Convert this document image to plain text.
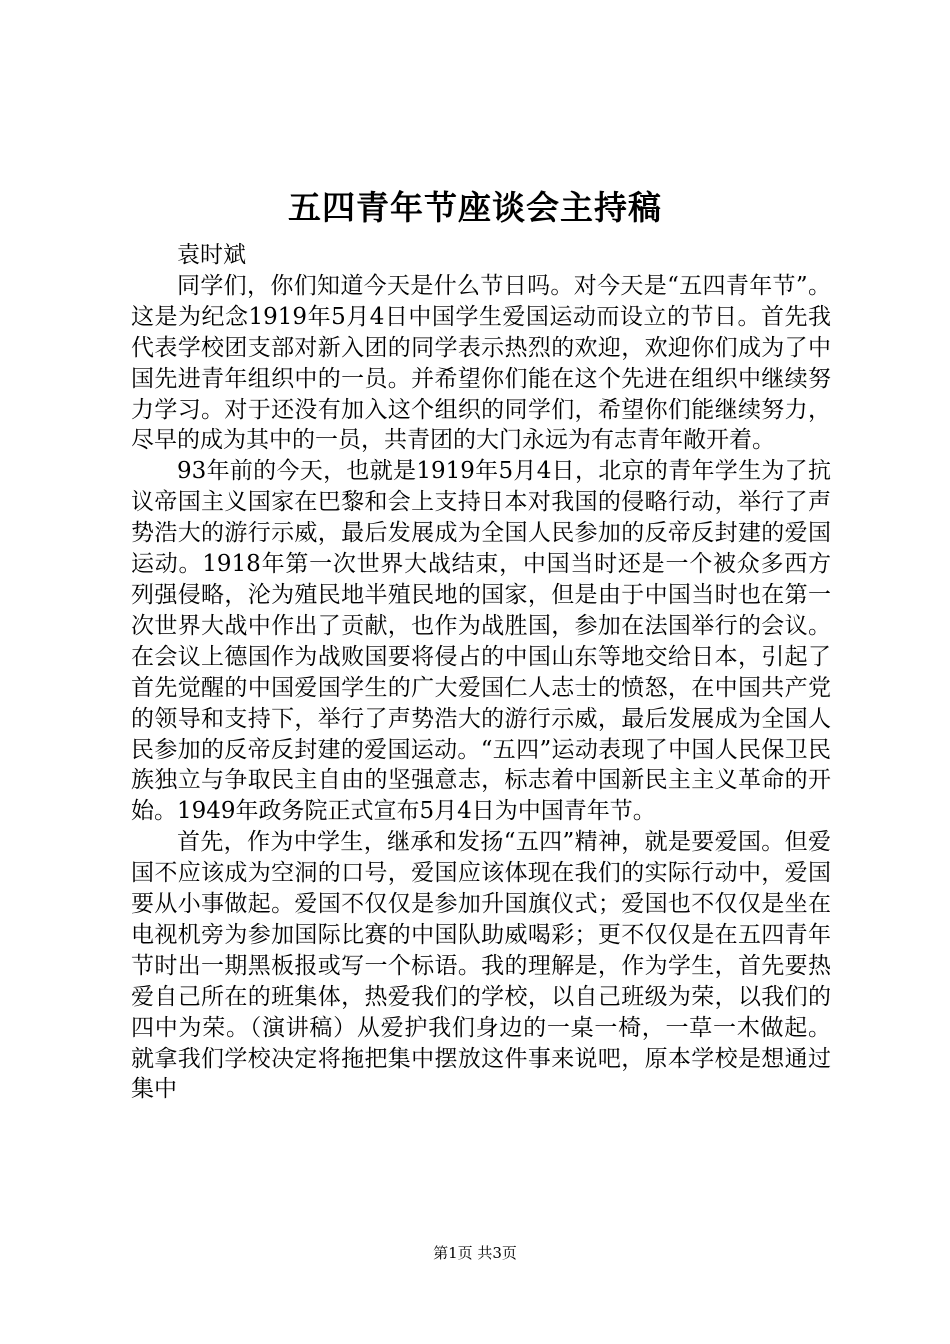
五四青年节座谈会主持稿

袁时斌

同学们，你们知道今天是什么节日吗。对今天是“五四青年节”。这是为纪念1919年5月4日中国学生爱国运动而设立的节日。首先我代表学校团支部对新入团的同学表示热烈的欢迎，欢迎你们成为了中国先进青年组织中的一员。并希望你们能在这个先进在组织中继续努力学习。对于还没有加入这个组织的同学们，希望你们能继续努力，尽早的成为其中的一员，共青团的大门永远为有志青年敞开着。

93年前的今天，也就是1919年5月4日，北京的青年学生为了抗议帝国主义国家在巴黎和会上支持日本对我国的侵略行动，举行了声势浩大的游行示威，最后发展成为全国人民参加的反帝反封建的爱国运动。1918年第一次世界大战结束，中国当时还是一个被众多西方列强侵略，沦为殖民地半殖民地的国家，但是由于中国当时也在第一次世界大战中作出了贡献，也作为战胜国，参加在法国举行的会议。在会议上德国作为战败国要将侵占的中国山东等地交给日本，引起了首先觉醒的中国爱国学生的广大爱国仁人志士的愤怒，在中国共产党的领导和支持下，举行了声势浩大的游行示威，最后发展成为全国人民参加的反帝反封建的爱国运动。“五四”运动表现了中国人民保卫民族独立与争取民主自由的坚强意志，标志着中国新民主主义革命的开始。1949年政务院正式宣布5月4日为中国青年节。

首先，作为中学生，继承和发扬“五四”精神，就是要爱国。但爱国不应该成为空洞的口号，爱国应该体现在我们的实际行动中，爱国要从小事做起。爱国不仅仅是参加升国旗仪式；爱国也不仅仅是坐在电视机旁为参加国际比赛的中国队助威喝彩；更不仅仅是在五四青年节时出一期黑板报或写一个标语。我的理解是，作为学生，首先要热爱自己所在的班集体，热爱我们的学校，以自己班级为荣，以我们的四中为荣。（演讲稿）从爱护我们身边的一桌一椅，一草一木做起。就拿我们学校决定将拖把集中摆放这件事来说吧，原本学校是想通过集中

第1页 共3页
